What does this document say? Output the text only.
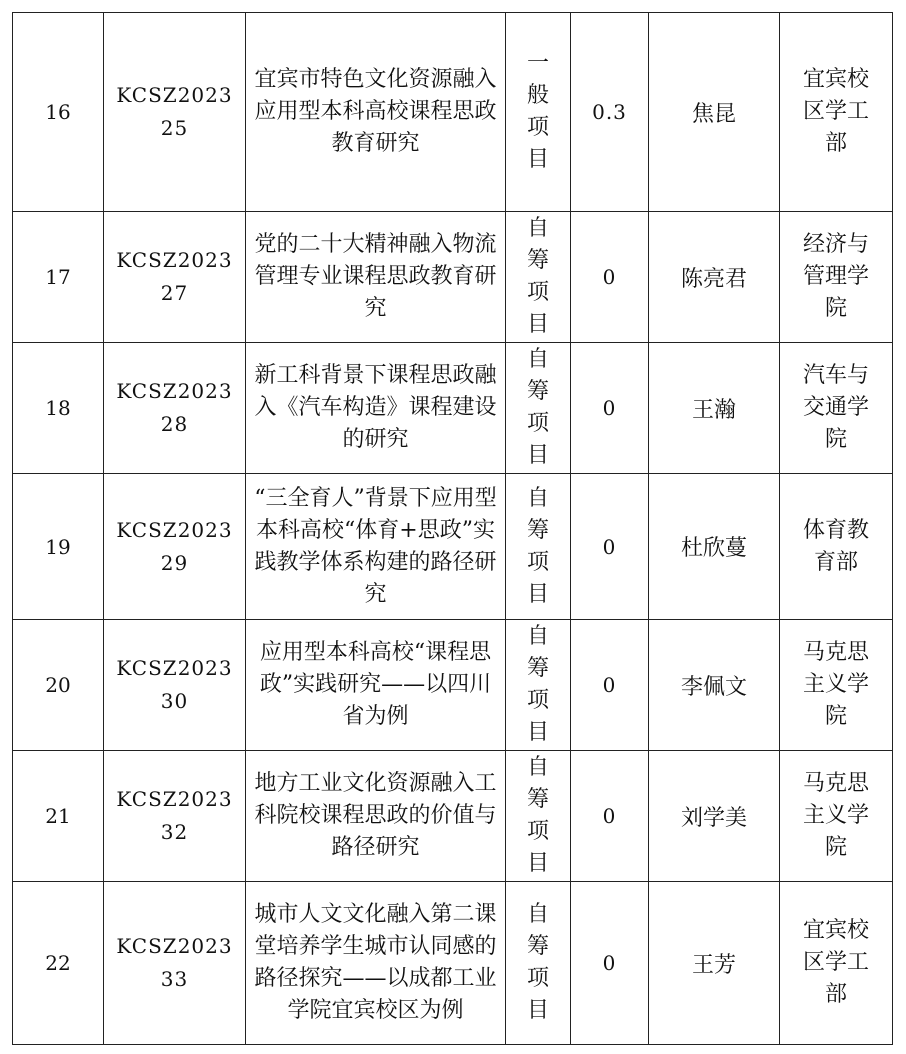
16	KCSZ202325	宜宾市特色文化资源融入应用型本科高校课程思政教育研究	一般项目	0.3	焦昆	宜宾校区学工部
17	KCSZ202327	党的二十大精神融入物流管理专业课程思政教育研究	自筹项目	0	陈亮君	经济与管理学院
18	KCSZ202328	新工科背景下课程思政融入《汽车构造》课程建设的研究	自筹项目	0	王瀚	汽车与交通学院
19	KCSZ202329	“三全育人”背景下应用型本科高校“体育+思政”实践教学体系构建的路径研究	自筹项目	0	杜欣蔓	体育教育部
20	KCSZ202330	应用型本科高校“课程思政”实践研究——以四川省为例	自筹项目	0	李佩文	马克思主义学院
21	KCSZ202332	地方工业文化资源融入工科院校课程思政的价值与路径研究	自筹项目	0	刘学美	马克思主义学院
22	KCSZ202333	城市人文文化融入第二课堂培养学生城市认同感的路径探究——以成都工业学院宜宾校区为例	自筹项目	0	王芳	宜宾校区学工部
